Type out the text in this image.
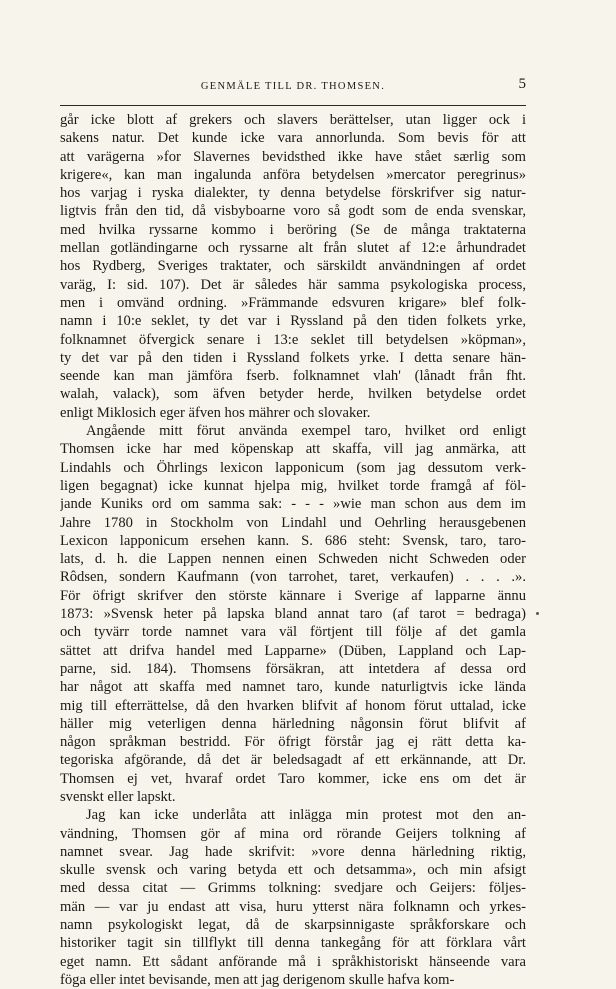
GENMÄLE TILL DR. THOMSEN.	5
går icke blott af grekers och slavers berättelser, utan ligger ock i
sakens natur. Det kunde icke vara annorlunda. Som bevis för att
att varägerna »for Slavernes bevidsthed ikke have stået særlig som
krigere«, kan man ingalunda anföra betydelsen »mercator peregrinus»
hos varjag i ryska dialekter, ty denna betydelse förskrifver sig natur-
ligtvis från den tid, då visbyboarne voro så godt som de enda svenskar,
med hvilka ryssarne kommo i beröring (Se de många traktaterna
mellan gotländingarne och ryssarne alt från slutet af 12:e århundradet
hos Rydberg, Sveriges traktater, och särskildt användningen af ordet
varäg, I: sid. 107). Det är således här samma psykologiska process,
men i omvänd ordning. »Främmande edsvuren krigare» blef folk-
namn i 10:e seklet, ty det var i Ryssland på den tiden folkets yrke,
folknamnet öfvergick senare i 13:e seklet till betydelsen »köpman»,
ty det var på den tiden i Ryssland folkets yrke. I detta senare hän-
seende kan man jämföra fserb. folknamnet vlah' (lånadt från fht.
walah, valack), som äfven betyder herde, hvilken betydelse ordet
enligt Miklosich eger äfven hos mährer och slovaker.
Angående mitt förut använda exempel taro, hvilket ord enligt
Thomsen icke har med köpenskap att skaffa, vill jag anmärka, att
Lindahls och Öhrlings lexicon lapponicum (som jag dessutom verk-
ligen begagnat) icke kunnat hjelpa mig, hvilket torde framgå af föl-
jande Kuniks ord om samma sak: - - - »wie man schon aus dem im
Jahre 1780 in Stockholm von Lindahl und Oehrling herausgebenen
Lexicon lapponicum ersehen kann. S. 686 steht: Svensk, taro, taro-
lats, d. h. die Lappen nennen einen Schweden nicht Schweden oder
Rôdsen, sondern Kaufmann (von tarrohet, taret, verkaufen) . . . .».
För öfrigt skrifver den störste kännare i Sverige af lapparne ännu
1873: »Svensk heter på lapska bland annat taro (af tarot = bedraga)
och tyvärr torde namnet vara väl förtjent till följe af det gamla
sättet att drifva handel med Lapparne» (Düben, Lappland och Lap-
parne, sid. 184). Thomsens försäkran, att intetdera af dessa ord
har något att skaffa med namnet taro, kunde naturligtvis icke lända
mig till efterrättelse, då den hvarken blifvit af honom förut uttalad, icke
häller mig veterligen denna härledning någonsin förut blifvit af
någon språkman bestridd. För öfrigt förstår jag ej rätt detta ka-
tegoriska afgörande, då det är beledsagadt af ett erkännande, att Dr.
Thomsen ej vet, hvaraf ordet Taro kommer, icke ens om det är
svenskt eller lapskt.
Jag kan icke underlåta att inlägga min protest mot den an-
vändning, Thomsen gör af mina ord rörande Geijers tolkning af
namnet svear. Jag hade skrifvit: »vore denna härledning riktig,
skulle svensk och varing betyda ett och detsamma», och min afsigt
med dessa citat — Grimms tolkning: svedjare och Geijers: följes-
män — var ju endast att visa, huru ytterst nära folknamn och yrkes-
namn psykologiskt legat, då de skarpsinnigaste språkforskare och
historiker tagit sin tillflykt till denna tankegång för att förklara vårt
eget namn. Ett sådant anförande må i språkhistoriskt hänseende vara
föga eller intet bevisande, men att jag derigenom skulle hafva kom-
